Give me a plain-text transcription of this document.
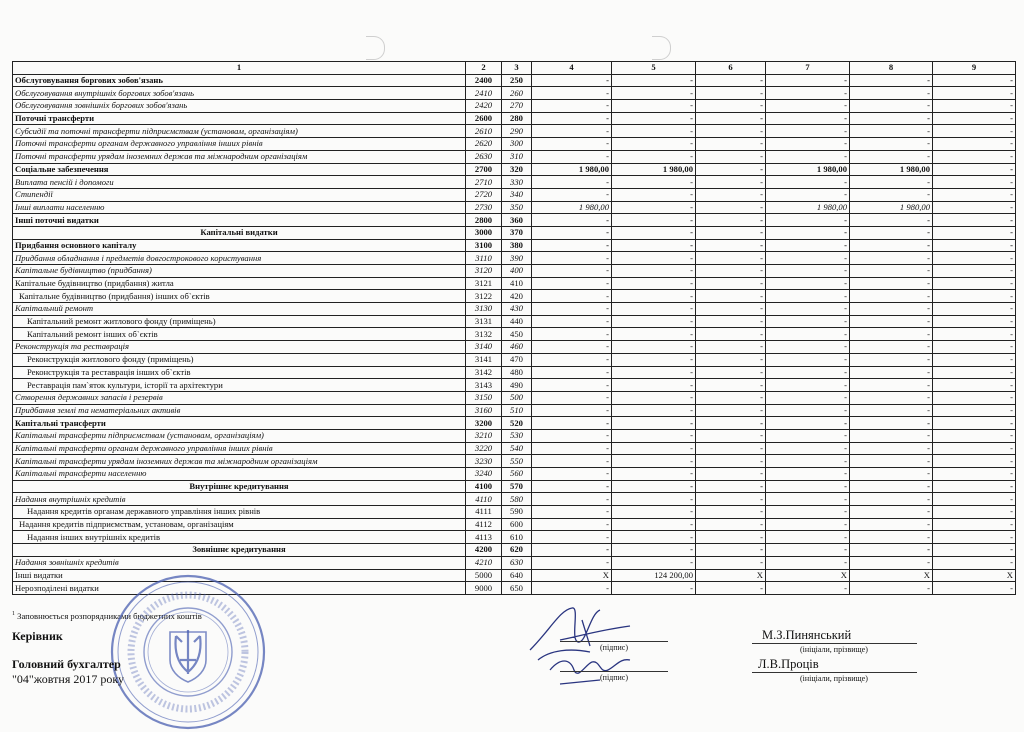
1	2	3	4	5	6	7	8	9
Обслуговування боргових зобов'язань	2400	250	-	-	-	-	-	-
Обслуговування внутрішніх боргових зобов'язань	2410	260	-	-	-	-	-	-
Обслуговування зовнішніх боргових зобов'язань	2420	270	-	-	-	-	-	-
Поточні трансферти	2600	280	-	-	-	-	-	-
Субсидії та поточні трансферти підприємствам (установам, організаціям)	2610	290	-	-	-	-	-	-
Поточні трансферти органам державного управління інших рівнів	2620	300	-	-	-	-	-	-
Поточні трансферти урядам іноземних держав та міжнародним організаціям	2630	310	-	-	-	-	-	-
Соціальне забезпечення	2700	320	1 980,00	1 980,00	-	1 980,00	1 980,00	-
Виплата пенсій і допомоги	2710	330	-	-	-	-	-	-
Стипендії	2720	340	-	-	-	-	-	-
Інші виплати населенню	2730	350	1 980,00	-	-	1 980,00	1 980,00	-
Інші поточні видатки	2800	360	-	-	-	-	-	-
Капітальні видатки	3000	370	-	-	-	-	-	-
Придбання основного капіталу	3100	380	-	-	-	-	-	-
Придбання обладнання і предметів довгострокового користування	3110	390	-	-	-	-	-	-
Капітальне будівництво (придбання)	3120	400	-	-	-	-	-	-
Капітальне будівництво (придбання) житла	3121	410	-	-	-	-	-	-
Капітальне будівництво (придбання) інших об`єктів	3122	420	-	-	-	-	-	-
Капітальний ремонт	3130	430	-	-	-	-	-	-
Капітальний ремонт житлового фонду (приміщень)	3131	440	-	-	-	-	-	-
Капітальний ремонт інших об`єктів	3132	450	-	-	-	-	-	-
Реконструкція та реставрація	3140	460	-	-	-	-	-	-
Реконструкція житлового фонду (приміщень)	3141	470	-	-	-	-	-	-
Реконструкція та реставрація інших об`єктів	3142	480	-	-	-	-	-	-
Реставрація пам`яток культури, історії та архітектури	3143	490	-	-	-	-	-	-
Створення державних запасів і резервів	3150	500	-	-	-	-	-	-
Придбання землі та нематеріальних активів	3160	510	-	-	-	-	-	-
Капітальні трансферти	3200	520	-	-	-	-	-	-
Капітальні трансферти підприємствам (установам, організаціям)	3210	530	-	-	-	-	-	-
Капітальні трансферти органам державного управління інших рівнів	3220	540	-	-	-	-	-	-
Капітальні трансферти урядам іноземних держав та міжнародним організаціям	3230	550	-	-	-	-	-	-
Капітальні трансферти населенню	3240	560	-	-	-	-	-	-
Внутрішнє кредитування	4100	570	-	-	-	-	-	-
Надання внутрішніх кредитів	4110	580	-	-	-	-	-	-
Надання кредитів органам державного управління інших рівнів	4111	590	-	-	-	-	-	-
Надання кредитів підприємствам, установам, організаціям	4112	600	-	-	-	-	-	-
Надання інших внутрішніх кредитів	4113	610	-	-	-	-	-	-
Зовнішнє кредитування	4200	620	-	-	-	-	-	-
Надання зовнішніх кредитів	4210	630	-	-	-	-	-	-
Інші видатки	5000	640	X	124 200,00	X	X	X	X
Нерозподілені видатки	9000	650	-	-	-	-	-	-
$^1$ Заповнюється розпорядниками бюджетних коштів
Керівник
Головний бухгалтер
"04"жовтня 2017 року
(підпис)
М.З.Пинянський
(ініціали, прізвище)
(підпис)
Л.В.Проців
(ініціали, прізвище)
